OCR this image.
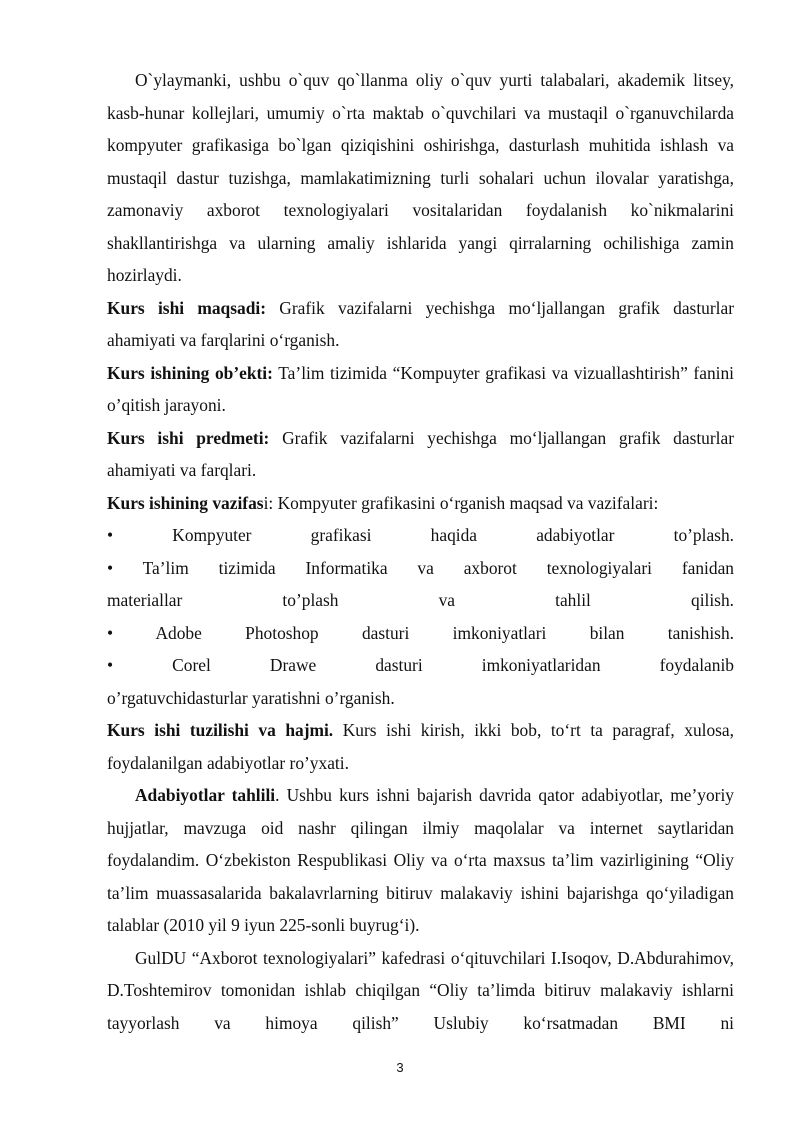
O`ylaymanki, ushbu o`quv qo`llanma oliy o`quv yurti talabalari, akademik litsey, kasb-hunar kollejlari, umumiy o`rta maktab o`quvchilari va mustaqil o`rganuvchilarda kompyuter grafikasiga bo`lgan qiziqishini oshirishga, dasturlash muhitida ishlash va mustaqil dastur tuzishga, mamlakatimizning turli sohalari uchun ilovalar yaratishga, zamonaviy axborot texnologiyalari vositalaridan foydalanish ko`nikmalarini shakllantirishga va ularning amaliy ishlarida yangi qirralarning ochilishiga zamin hozirlaydi.

Kurs ishi maqsadi: Grafik vazifalarni yechishga mo‘ljallangan grafik dasturlar ahamiyati va farqlarini o‘rganish.

Kurs ishining ob’ekti: Ta’lim tizimida “Kompuyter grafikasi va vizuallashtirish” fanini o’qitish jarayoni.

Kurs ishi predmeti: Grafik vazifalarni yechishga mo‘ljallangan grafik dasturlar ahamiyati va farqlari.

Kurs ishining vazifasi: Kompyuter grafikasini o‘rganish maqsad va vazifalari:

• Kompyuter grafikasi haqida adabiyotlar to’plash.

• Ta’lim tizimida Informatika va axborot texnologiyalari fanidan

materiallar to’plash va tahlil qilish.

• Adobe Photoshop dasturi imkoniyatlari bilan tanishish.

• Corel Drawe dasturi imkoniyatlaridan foydalanib

o’rgatuvchidasturlar yaratishni o’rganish.

Kurs ishi tuzilishi va hajmi. Kurs ishi kirish, ikki bob, to‘rt ta paragraf, xulosa, foydalanilgan adabiyotlar ro’yxati.

Adabiyotlar tahlili. Ushbu kurs ishni bajarish davrida qator adabiyotlar, me’yoriy hujjatlar, mavzuga oid nashr qilingan ilmiy maqolalar va internet saytlaridan foydalandim. O‘zbekiston Respublikasi Oliy va o‘rta maxsus ta’lim vazirligining “Oliy ta’lim muassasalarida bakalavrlarning bitiruv malakaviy ishini bajarishga qo‘yiladigan talablar (2010 yil 9 iyun 225-sonli buyrug‘i).

GulDU “Axborot texnologiyalari” kafedrasi o‘qituvchilari I.Isoqov, D.Abdurahimov, D.Toshtemirov tomonidan ishlab chiqilgan “Oliy ta’limda bitiruv malakaviy ishlarni tayyorlash va himoya qilish” Uslubiy ko‘rsatmadan BMI ni

3
